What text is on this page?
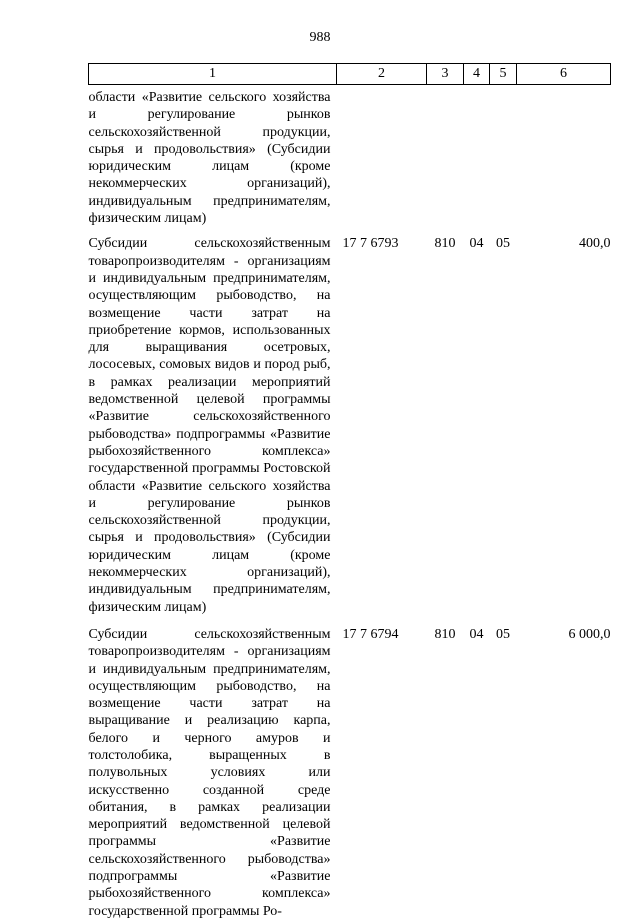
988
1	2	3	4	5	6
области «Развитие сельского хозяйства и регулирование рынков сельскохозяйственной продукции, сырья и продовольствия» (Субсидии юридическим лицам (кроме некоммерческих организаций), индивидуальным предпринимателям, физическим лицам)					
Субсидии сельскохозяйственным товаропроизводителям - организациям и индивидуальным предпринимателям, осуществляющим рыбоводство, на возмещение части затрат на приобретение кормов, использованных для выращивания осетровых, лососевых, сомовых видов и пород рыб, в рамках реализации мероприятий ведомственной целевой программы «Развитие сельскохозяйственного рыбоводства» подпрограммы «Развитие рыбохозяйственного комплекса» государственной программы Ростовской области «Развитие сельского хозяйства и регулирование рынков сельскохозяйственной продукции, сырья и продовольствия» (Субсидии юридическим лицам (кроме некоммерческих организаций), индивидуальным предпринимателям, физическим лицам)	17 7 6793	810	04	05	400,0
Субсидии сельскохозяйственным товаропроизводителям - организациям и индивидуальным предпринимателям, осуществляющим рыбоводство, на возмещение части затрат на выращивание и реализацию карпа, белого и черного амуров и толстолобика, выращенных в полувольных условиях или искусственно созданной среде обитания, в рамках реализации мероприятий ведомственной целевой программы «Развитие сельскохозяйственного рыбоводства» подпрограммы «Развитие рыбохозяйственного комплекса» государственной программы Ро-	17 7 6794	810	04	05	6 000,0
